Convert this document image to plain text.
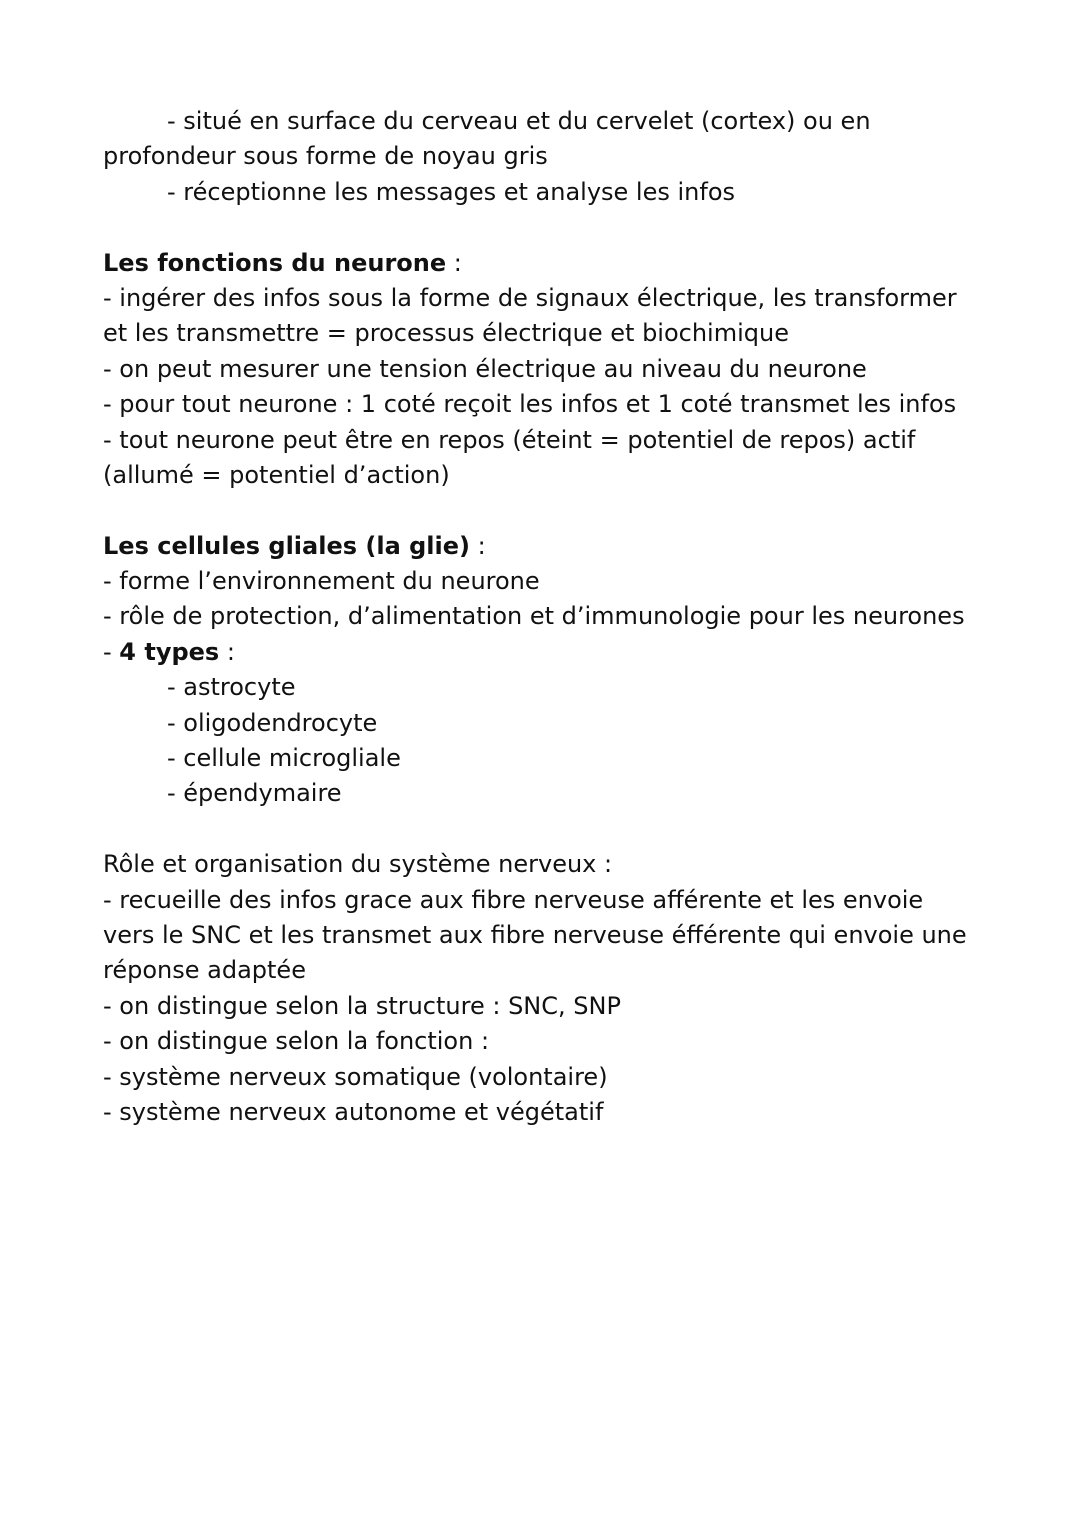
- situé en surface du cerveau et du cervelet (cortex) ou en
profondeur sous forme de noyau gris
- réceptionne les messages et analyse les infos
Les fonctions du neurone :
- ingérer des infos sous la forme de signaux électrique, les transformer
et les transmettre = processus électrique et biochimique
- on peut mesurer une tension électrique au niveau du neurone
- pour tout neurone : 1 coté reçoit les infos et 1 coté transmet les infos
- tout neurone peut être en repos (éteint = potentiel de repos) actif
(allumé = potentiel d’action)
Les cellules gliales (la glie) :
- forme l’environnement du neurone
- rôle de protection, d’alimentation et d’immunologie pour les neurones
- 4 types :
- astrocyte
- oligodendrocyte
- cellule microgliale
- épendymaire
Rôle et organisation du système nerveux :
- recueille des infos grace aux fibre nerveuse afférente et les envoie
vers le SNC et les transmet aux fibre nerveuse éfférente qui envoie une
réponse adaptée
- on distingue selon la structure : SNC, SNP
- on distingue selon la fonction :
- système nerveux somatique (volontaire)
- système nerveux autonome et végétatif
